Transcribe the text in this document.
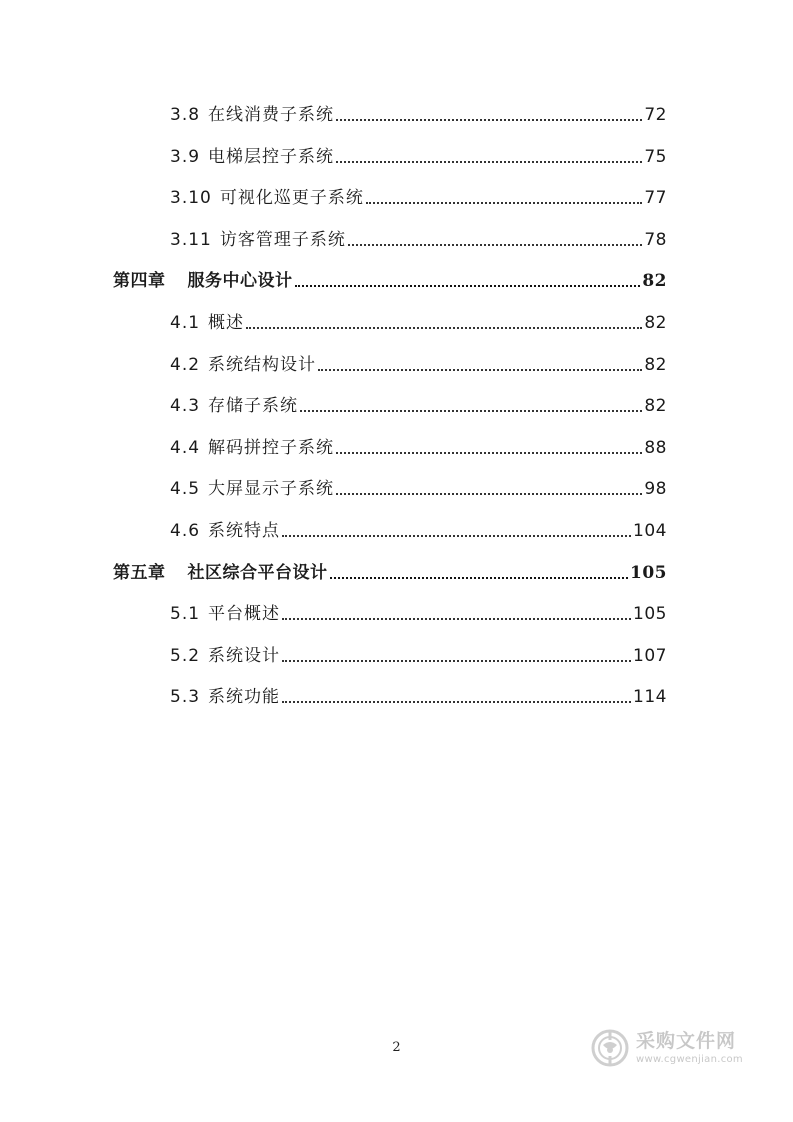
3.8 在线消费子系统	72
3.9 电梯层控子系统	75
3.10 可视化巡更子系统	77
3.11 访客管理子系统	78
第四章 服务中心设计	82
4.1 概述	82
4.2 系统结构设计	82
4.3 存储子系统	82
4.4 解码拼控子系统	88
4.5 大屏显示子系统	98
4.6 系统特点	104
第五章 社区综合平台设计	105
5.1 平台概述	105
5.2 系统设计	107
5.3 系统功能	114
2	采购文件网
www.cgwenjian.com
